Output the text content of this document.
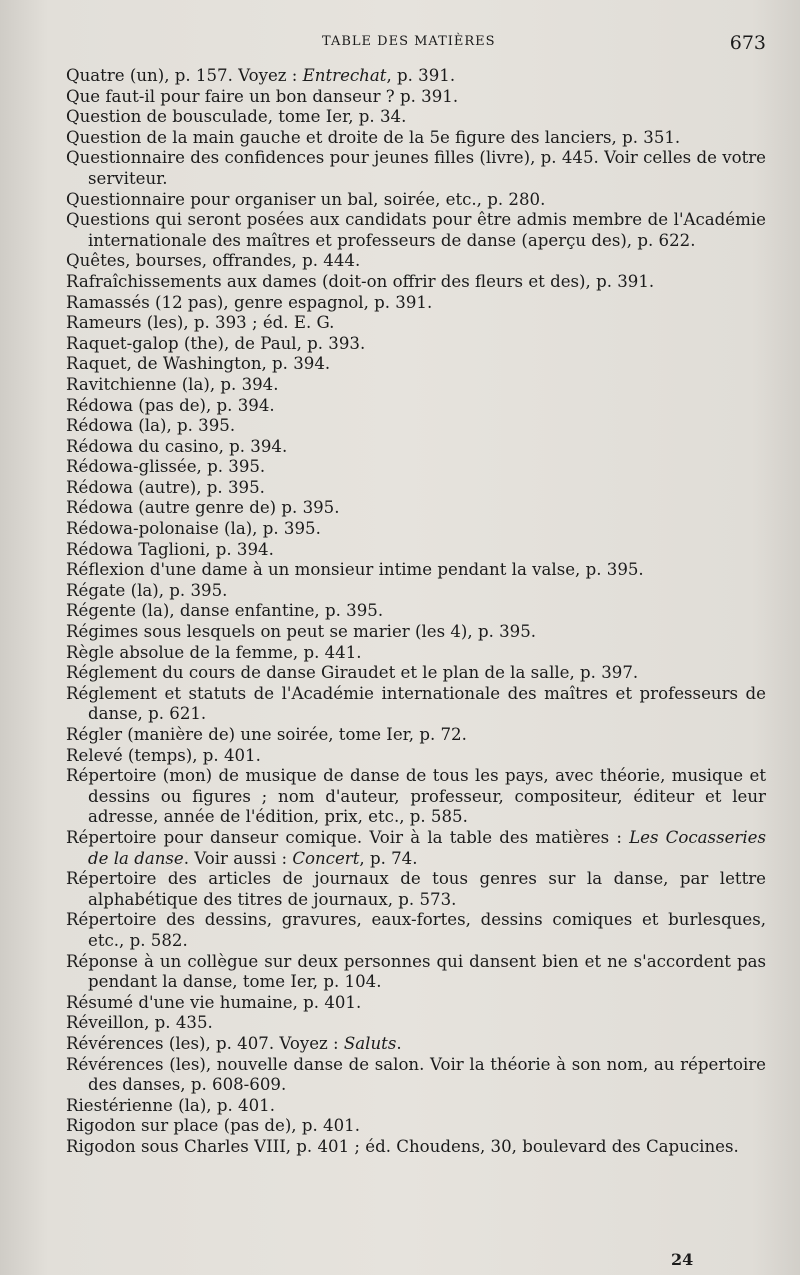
TABLE DES MATIÈRES	673
Quatre (un), p. 157. Voyez : Entrechat, p. 391.
Que faut-il pour faire un bon danseur ? p. 391.
Question de bousculade, tome Ier, p. 34.
Question de la main gauche et droite de la 5e figure des lanciers, p. 351.
Questionnaire des confidences pour jeunes filles (livre), p. 445. Voir celles de votre serviteur.
Questionnaire pour organiser un bal, soirée, etc., p. 280.
Questions qui seront posées aux candidats pour être admis membre de l'Académie internationale des maîtres et professeurs de danse (aperçu des), p. 622.
Quêtes, bourses, offrandes, p. 444.
Rafraîchissements aux dames (doit-on offrir des fleurs et des), p. 391.
Ramassés (12 pas), genre espagnol, p. 391.
Rameurs (les), p. 393 ; éd. E. G.
Raquet-galop (the), de Paul, p. 393.
Raquet, de Washington, p. 394.
Ravitchienne (la), p. 394.
Rédowa (pas de), p. 394.
Rédowa (la), p. 395.
Rédowa du casino, p. 394.
Rédowa-glissée, p. 395.
Rédowa (autre), p. 395.
Rédowa (autre genre de) p. 395.
Rédowa-polonaise (la), p. 395.
Rédowa Taglioni, p. 394.
Réflexion d'une dame à un monsieur intime pendant la valse, p. 395.
Régate (la), p. 395.
Régente (la), danse enfantine, p. 395.
Régimes sous lesquels on peut se marier (les 4), p. 395.
Règle absolue de la femme, p. 441.
Réglement du cours de danse Giraudet et le plan de la salle, p. 397.
Réglement et statuts de l'Académie internationale des maîtres et professeurs de danse, p. 621.
Régler (manière de) une soirée, tome Ier, p. 72.
Relevé (temps), p. 401.
Répertoire (mon) de musique de danse de tous les pays, avec théorie, musique et dessins ou figures ; nom d'auteur, professeur, compositeur, éditeur et leur adresse, année de l'édition, prix, etc., p. 585.
Répertoire pour danseur comique. Voir à la table des matières : Les Cocasseries de la danse. Voir aussi : Concert, p. 74.
Répertoire des articles de journaux de tous genres sur la danse, par lettre alphabétique des titres de journaux, p. 573.
Répertoire des dessins, gravures, eaux-fortes, dessins comiques et burlesques, etc., p. 582.
Réponse à un collègue sur deux personnes qui dansent bien et ne s'accordent pas pendant la danse, tome Ier, p. 104.
Résumé d'une vie humaine, p. 401.
Réveillon, p. 435.
Révérences (les), p. 407. Voyez : Saluts.
Révérences (les), nouvelle danse de salon. Voir la théorie à son nom, au répertoire des danses, p. 608-609.
Riestérienne (la), p. 401.
Rigodon sur place (pas de), p. 401.
Rigodon sous Charles VIII, p. 401 ; éd. Choudens, 30, boulevard des Capucines.
24
